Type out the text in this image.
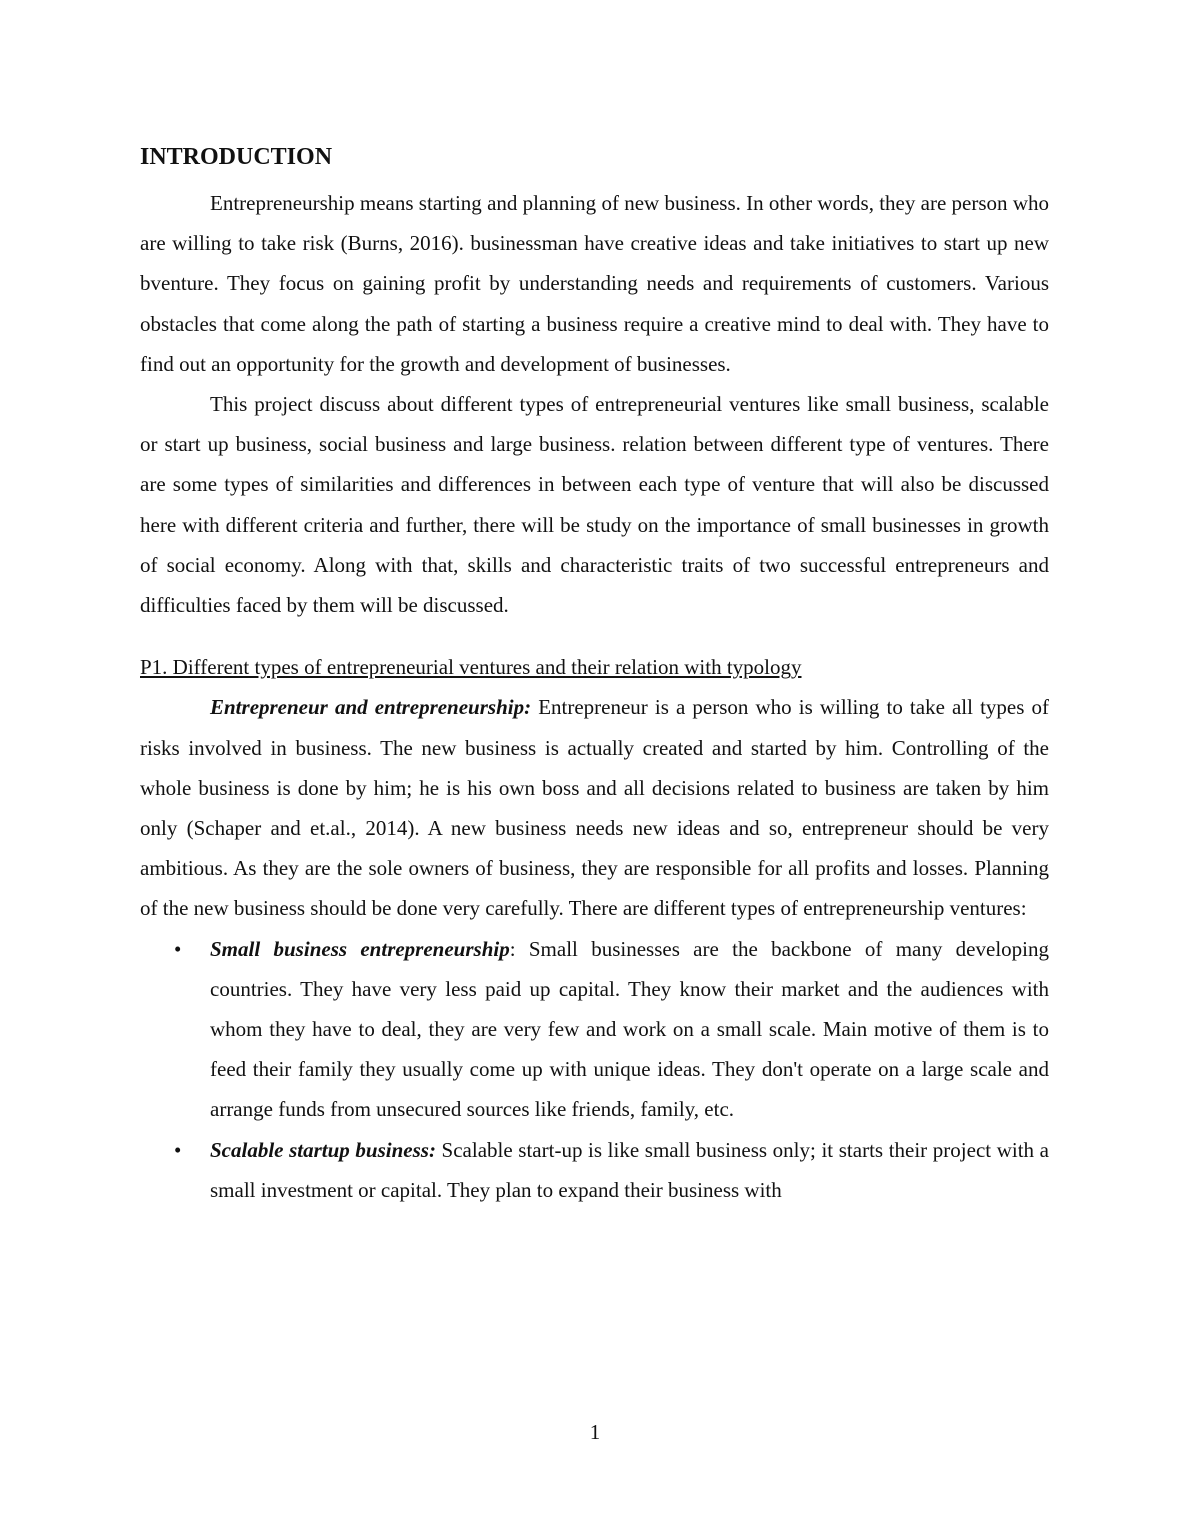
INTRODUCTION

Entrepreneurship means starting and planning of new business. In other words, they are person who are willing to take risk (Burns, 2016). businessman have creative ideas and take initiatives to start up new bventure. They focus on gaining profit by understanding needs and requirements of customers. Various obstacles that come along the path of starting a business require a creative mind to deal with. They have to find out an opportunity for the growth and development of businesses.

This project discuss about different types of entrepreneurial ventures like small business, scalable or start up business, social business and large business. relation between different type of ventures. There are some types of similarities and differences in between each type of venture that will also be discussed here with different criteria and further, there will be study on the importance of small businesses in growth of social economy. Along with that, skills and characteristic traits of two successful entrepreneurs and difficulties faced by them will be discussed.

P1. Different types of entrepreneurial ventures and their relation with typology

Entrepreneur and entrepreneurship: Entrepreneur is a person who is willing to take all types of risks involved in business. The new business is actually created and started by him. Controlling of the whole business is done by him; he is his own boss and all decisions related to business are taken by him only (Schaper and et.al., 2014). A new business needs new ideas and so, entrepreneur should be very ambitious. As they are the sole owners of business, they are responsible for all profits and losses. Planning of the new business should be done very carefully. There are different types of entrepreneurship ventures:

• Small business entrepreneurship: Small businesses are the backbone of many developing countries. They have very less paid up capital. They know their market and the audiences with whom they have to deal, they are very few and work on a small scale. Main motive of them is to feed their family they usually come up with unique ideas. They don't operate on a large scale and arrange funds from unsecured sources like friends, family, etc.
• Scalable startup business: Scalable start-up is like small business only; it starts their project with a small investment or capital. They plan to expand their business with
1
